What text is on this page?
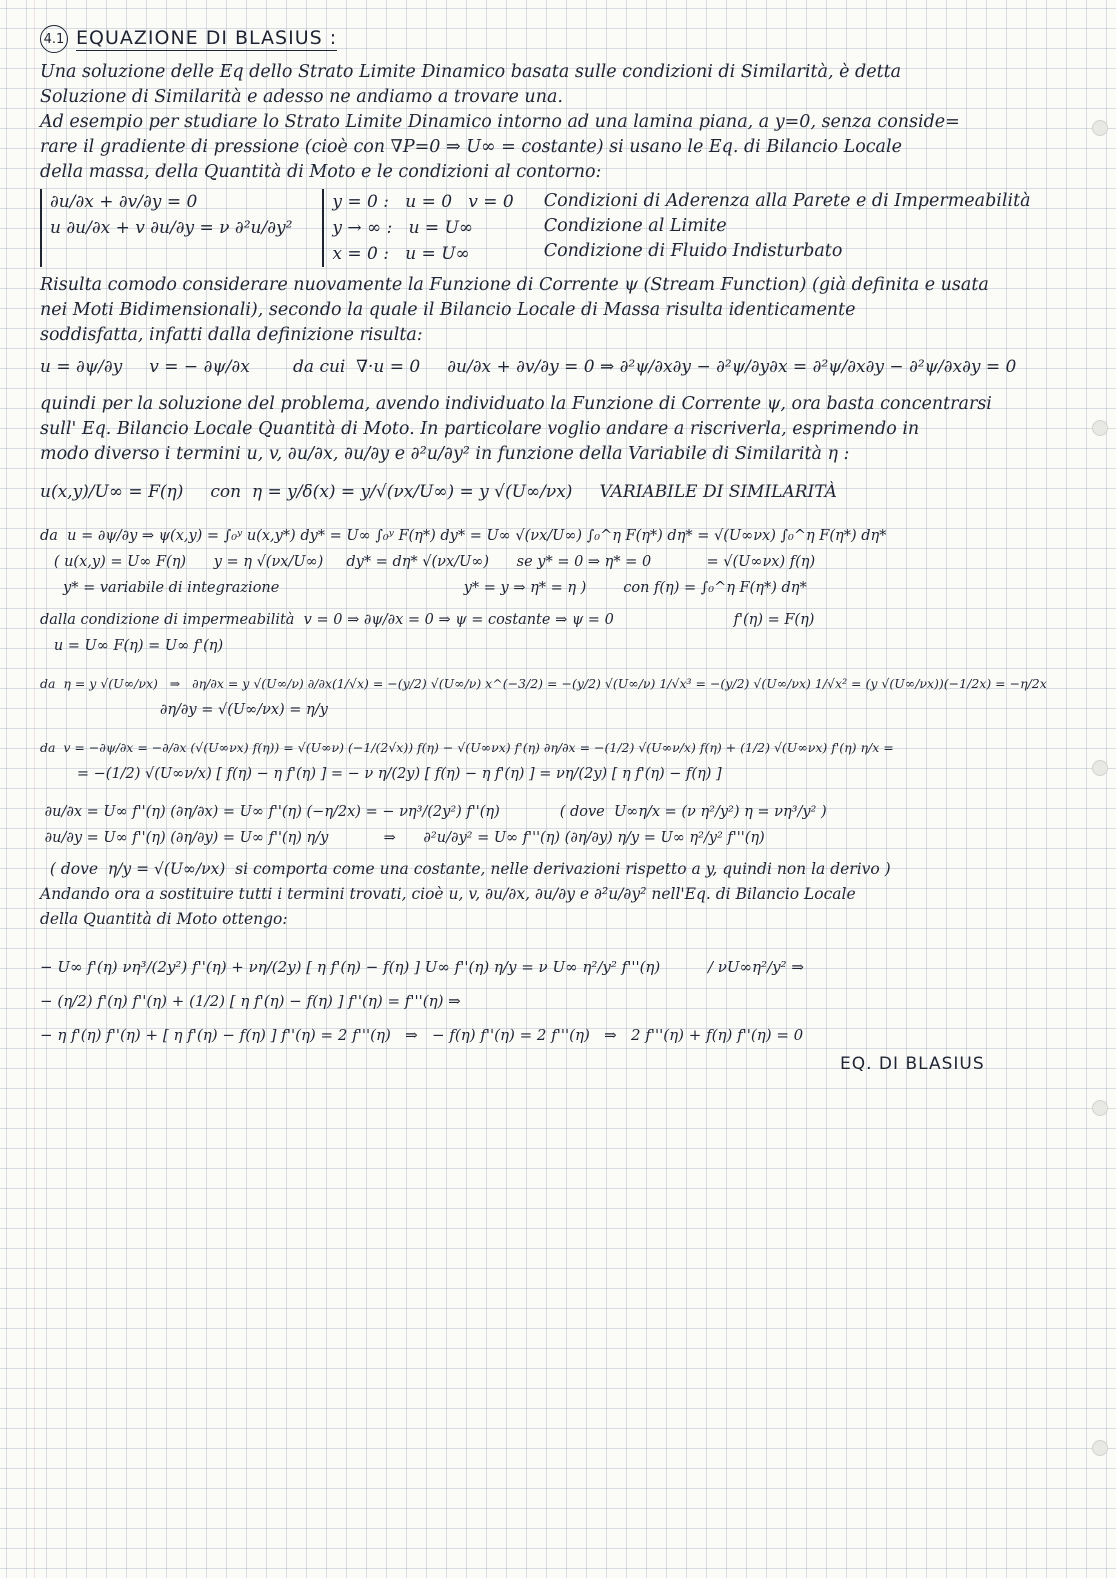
4.1 EQUAZIONE DI BLASIUS :

Una soluzione delle Eq dello Strato Limite Dinamico basata sulle condizioni di Similarità, è detta

Soluzione di Similarità e adesso ne andiamo a trovare una.

Ad esempio per studiare lo Strato Limite Dinamico intorno ad una lamina piana, a y=0, senza conside=

rare il gradiente di pressione (cioè con ∇P=0 ⇒ U∞ = costante) si usano le Eq. di Bilancio Locale

della massa, della Quantità di Moto e le condizioni al contorno:

∂u/∂x + ∂v/∂y = 0

u ∂u/∂x + v ∂u/∂y = ν ∂²u/∂y²

y = 0 :   u = 0   v = 0

y → ∞ :   u = U∞

x = 0 :   u = U∞

Condizioni di Aderenza alla Parete e di Impermeabilità

Condizione al Limite

Condizione di Fluido Indisturbato

Risulta comodo considerare nuovamente la Funzione di Corrente ψ (Stream Function) (già definita e usata

nei Moti Bidimensionali), secondo la quale il Bilancio Locale di Massa risulta identicamente

soddisfatta, infatti dalla definizione risulta:

u = ∂ψ/∂y     v = − ∂ψ/∂x        da cui  ∇·u = 0     ∂u/∂x + ∂v/∂y = 0 ⇒ ∂²ψ/∂x∂y − ∂²ψ/∂y∂x = ∂²ψ/∂x∂y − ∂²ψ/∂x∂y = 0

quindi per la soluzione del problema, avendo individuato la Funzione di Corrente ψ, ora basta concentrarsi

sull' Eq. Bilancio Locale Quantità di Moto. In particolare voglio andare a riscriverla, esprimendo in

modo diverso i termini u, v, ∂u/∂x, ∂u/∂y e ∂²u/∂y² in funzione della Variabile di Similarità η :

u(x,y)/U∞ = F(η)     con  η = y/δ(x) = y/√(νx/U∞) = y √(U∞/νx)     VARIABILE DI SIMILARITÀ

da  u = ∂ψ/∂y ⇒ ψ(x,y) = ∫₀ʸ u(x,y*) dy* = U∞ ∫₀ʸ F(η*) dy* = U∞ √(νx/U∞) ∫₀^η F(η*) dη* = √(U∞νx) ∫₀^η F(η*) dη*

( u(x,y) = U∞ F(η)      y = η √(νx/U∞)     dy* = dη* √(νx/U∞)      se y* = 0 ⇒ η* = 0            = √(U∞νx) f(η)

y* = variabile di integrazione                                        y* = y ⇒ η* = η )        con f(η) = ∫₀^η F(η*) dη*

dalla condizione di impermeabilità  v = 0 ⇒ ∂ψ/∂x = 0 ⇒ ψ = costante ⇒ ψ = 0                          f'(η) = F(η)

u = U∞ F(η) = U∞ f'(η)

da  η = y √(U∞/νx)   ⇒   ∂η/∂x = y √(U∞/ν) ∂/∂x(1/√x) = −(y/2) √(U∞/ν) x^(−3/2) = −(y/2) √(U∞/ν) 1/√x³ = −(y/2) √(U∞/νx) 1/√x² = (y √(U∞/νx))(−1/2x) = −η/2x

∂η/∂y = √(U∞/νx) = η/y

da  v = −∂ψ/∂x = −∂/∂x (√(U∞νx) f(η)) = √(U∞ν) (−1/(2√x)) f(η) − √(U∞νx) f'(η) ∂η/∂x = −(1/2) √(U∞ν/x) f(η) + (1/2) √(U∞νx) f'(η) η/x =

= −(1/2) √(U∞ν/x) [ f(η) − η f'(η) ] = − ν η/(2y) [ f(η) − η f'(η) ] = νη/(2y) [ η f'(η) − f(η) ]

∂u/∂x = U∞ f''(η) (∂η/∂x) = U∞ f''(η) (−η/2x) = − νη³/(2y²) f''(η)             ( dove  U∞η/x = (ν η²/y²) η = νη³/y² )

∂u/∂y = U∞ f''(η) (∂η/∂y) = U∞ f''(η) η/y            ⇒      ∂²u/∂y² = U∞ f'''(η) (∂η/∂y) η/y = U∞ η²/y² f'''(η)

( dove  η/y = √(U∞/νx)  si comporta come una costante, nelle derivazioni rispetto a y, quindi non la derivo )

Andando ora a sostituire tutti i termini trovati, cioè u, v, ∂u/∂x, ∂u/∂y e ∂²u/∂y² nell'Eq. di Bilancio Locale

della Quantità di Moto ottengo:

− U∞ f'(η) νη³/(2y²) f''(η) + νη/(2y) [ η f'(η) − f(η) ] U∞ f''(η) η/y = ν U∞ η²/y² f'''(η)          / νU∞η²/y² ⇒

− (η/2) f'(η) f''(η) + (1/2) [ η f'(η) − f(η) ] f''(η) = f'''(η) ⇒

− η f'(η) f''(η) + [ η f'(η) − f(η) ] f''(η) = 2 f'''(η)   ⇒   − f(η) f''(η) = 2 f'''(η)   ⇒   2 f'''(η) + f(η) f''(η) = 0

EQ. DI BLASIUS
